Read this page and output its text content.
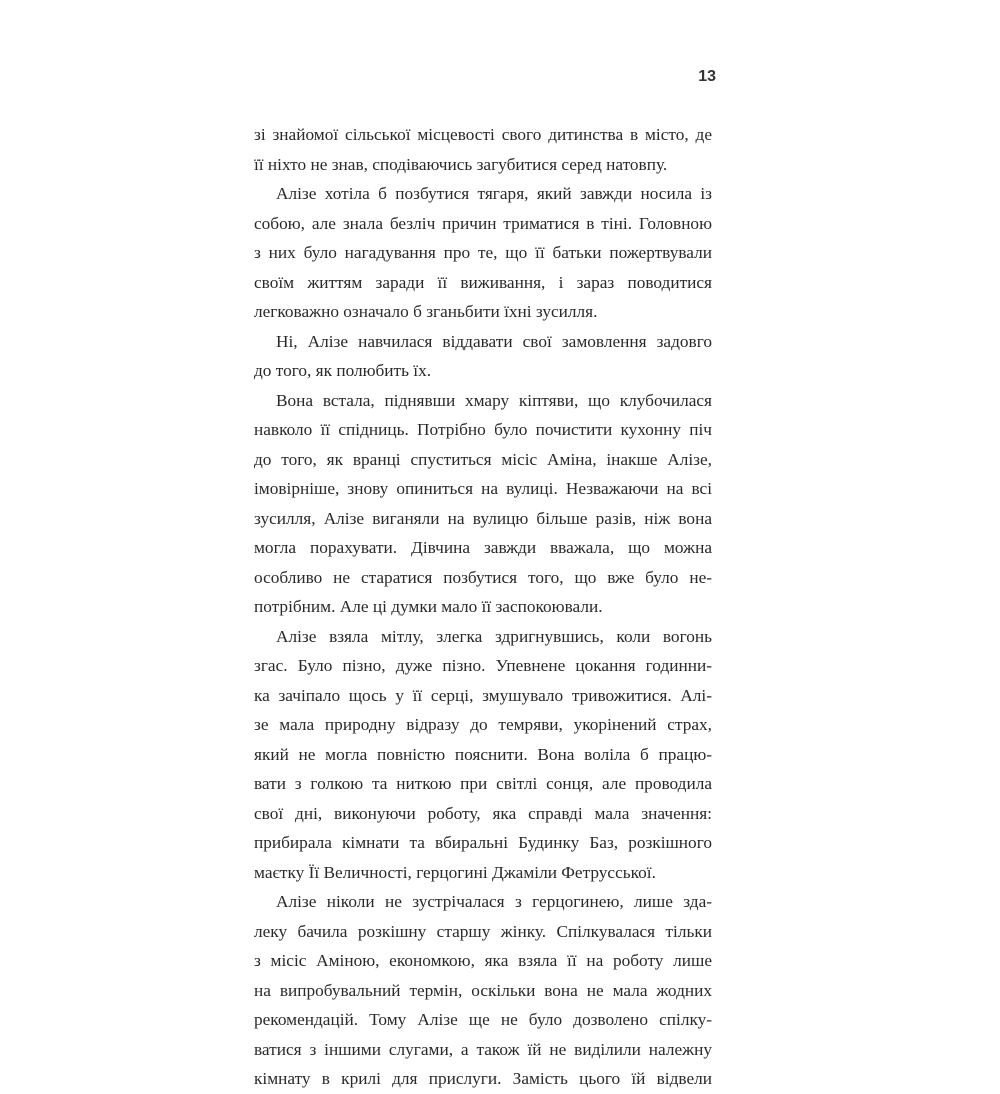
13
зі знайомої сільської місцевості свого дитинства в місто, де
її ніхто не знав, сподіваючись загубитися серед натовпу.
Алізе хотіла б позбутися тягаря, який завжди носила із
собою, але знала безліч причин триматися в тіні. Головною
з них було нагадування про те, що її батьки пожертвували
своїм життям заради її виживання, і зараз поводитися
легковажно означало б зганьбити їхні зусилля.
Ні, Алізе навчилася віддавати свої замовлення задовго
до того, як полюбить їх.
Вона встала, піднявши хмару кіптяви, що клубочилася
навколо її спідниць. Потрібно було почистити кухонну піч
до того, як вранці спуститься місіс Аміна, інакше Алізе,
імовірніше, знову опиниться на вулиці. Незважаючи на всі
зусилля, Алізе виганяли на вулицю більше разів, ніж вона
могла порахувати. Дівчина завжди вважала, що можна
особливо не старатися позбутися того, що вже було не-
потрібним. Але ці думки мало її заспокоювали.
Алізе взяла мітлу, злегка здригнувшись, коли вогонь
згас. Було пізно, дуже пізно. Упевнене цокання годинни-
ка зачіпало щось у її серці, змушувало тривожитися. Алі-
зе мала природну відразу до темряви, укорінений страх,
який не могла повністю пояснити. Вона воліла б працю-
вати з голкою та ниткою при світлі сонця, але проводила
свої дні, виконуючи роботу, яка справді мала значення:
прибирала кімнати та вбиральні Будинку Баз, розкішного
маєтку Її Величності, герцогині Джаміли Фетрусської.
Алізе ніколи не зустрічалася з герцогинею, лише зда-
леку бачила розкішну старшу жінку. Спілкувалася тільки
з місіс Аміною, економкою, яка взяла її на роботу лише
на випробувальний термін, оскільки вона не мала жодних
рекомендацій. Тому Алізе ще не було дозволено спілку-
ватися з іншими слугами, а також їй не виділили належну
кімнату в крилі для прислуги. Замість цього їй відвели
